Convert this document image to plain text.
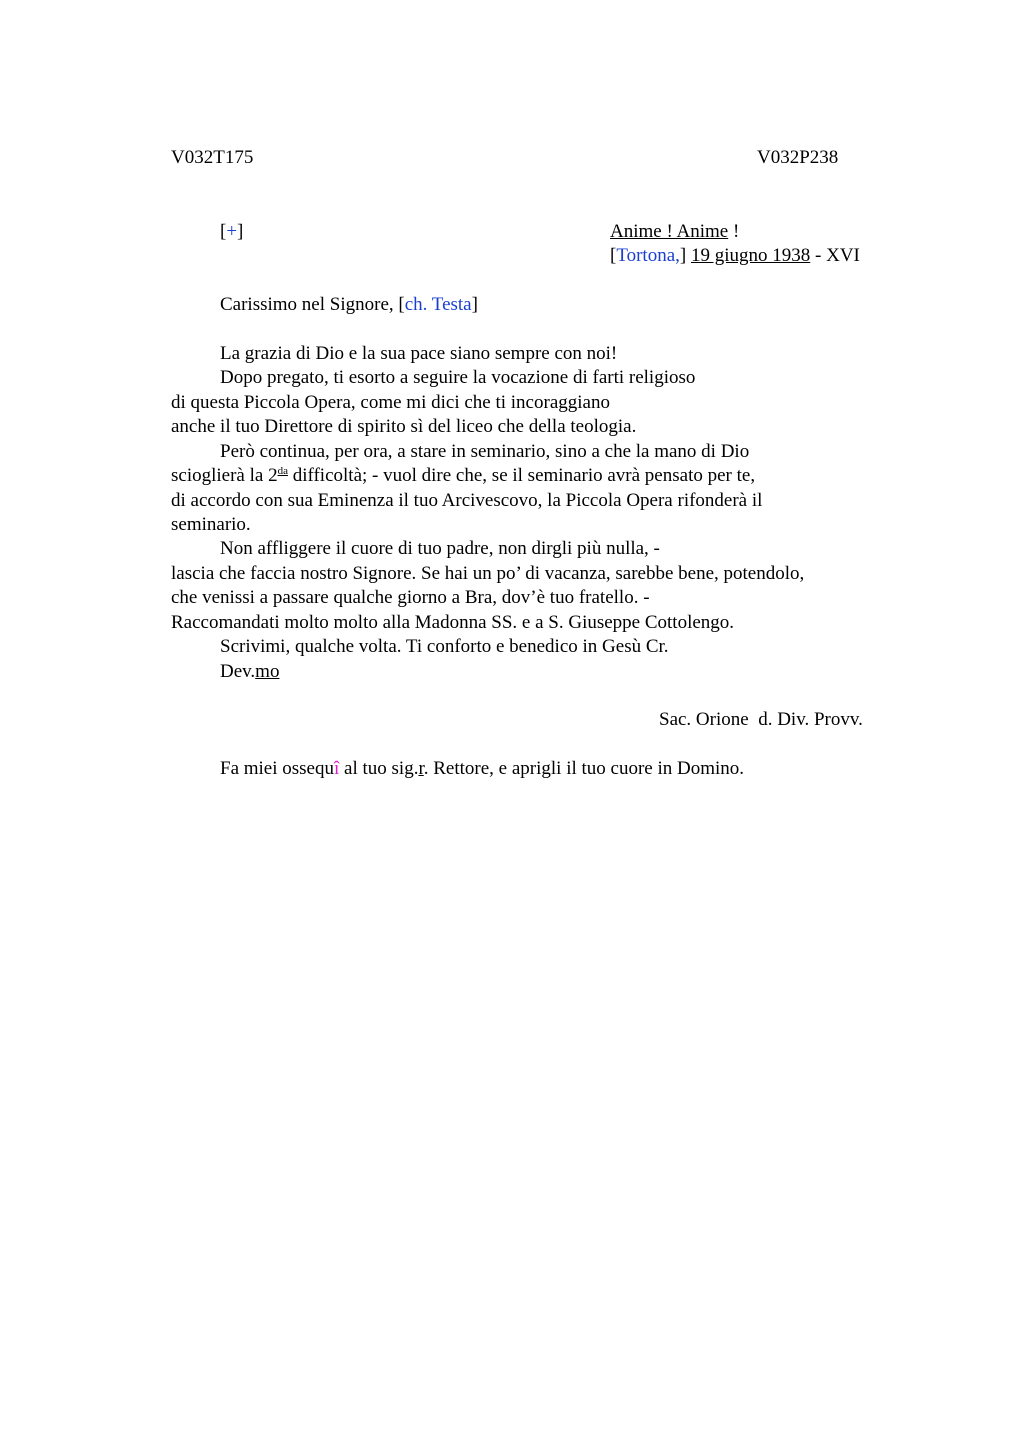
V032T175	V032P238
[+]	Anime ! Anime !
[Tortona,] 19 giugno 1938 - XVI
Carissimo nel Signore, [ch. Testa]
La grazia di Dio e la sua pace siano sempre con noi!
Dopo pregato, ti esorto a seguire la vocazione di farti religioso
di questa Piccola Opera, come mi dici che ti incoraggiano
anche il tuo Direttore di spirito sì del liceo che della teologia.
Però continua, per ora, a stare in seminario, sino a che la mano di Dio
scioglierà la $2^{da}$ difficoltà; - vuol dire che, se il seminario avrà pensato per te,
di accordo con sua Eminenza il tuo Arcivescovo, la Piccola Opera rifonderà il
seminario.
Non affliggere il cuore di tuo padre, non dirgli più nulla, -
lascia che faccia nostro Signore. Se hai un po’ di vacanza, sarebbe bene, potendolo,
che venissi a passare qualche giorno a Bra, dov’è tuo fratello. -
Raccomandati molto molto alla Madonna SS. e a S. Giuseppe Cottolengo.
Scrivimi, qualche volta. Ti conforto e benedico in Gesù Cr.
Dev.mo
Sac. Orione  d. Div. Provv.
Fa miei ossequî al tuo sig.r. Rettore, e aprigli il tuo cuore in Domino.
